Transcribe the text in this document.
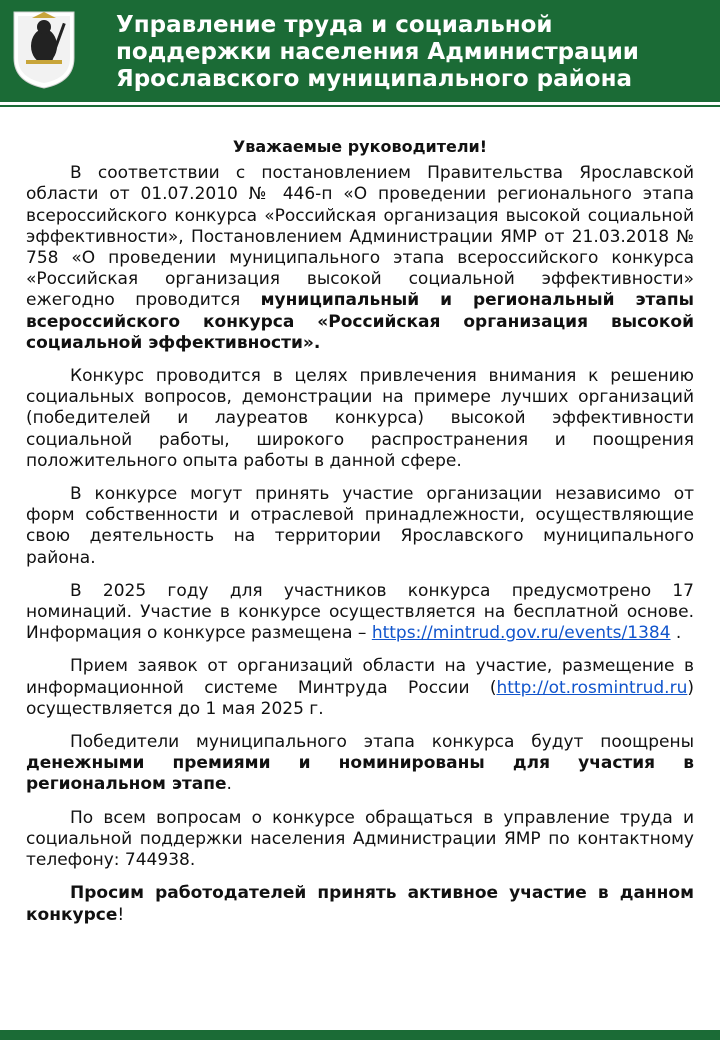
Управление труда и социальной поддержки населения Администрации Ярославского муниципального района

Уважаемые руководители!

В соответствии с постановлением Правительства Ярославской области от 01.07.2010 № 446-п «О проведении регионального этапа всероссийского конкурса «Российская организация высокой социальной эффективности», Постановлением Администрации ЯМР от 21.03.2018 № 758 «О проведении муниципального этапа всероссийского конкурса «Российская организация высокой социальной эффективности» ежегодно проводится муниципальный и региональный этапы всероссийского конкурса «Российская организация высокой социальной эффективности».

Конкурс проводится в целях привлечения внимания к решению социальных вопросов, демонстрации на примере лучших организаций (победителей и лауреатов конкурса) высокой эффективности социальной работы, широкого распространения и поощрения положительного опыта работы в данной сфере.

В конкурсе могут принять участие организации независимо от форм собственности и отраслевой принадлежности, осуществляющие свою деятельность на территории Ярославского муниципального района.

В 2025 году для участников конкурса предусмотрено 17 номинаций. Участие в конкурсе осуществляется на бесплатной основе. Информация о конкурсе размещена – https://mintrud.gov.ru/events/1384 .

Прием заявок от организаций области на участие, размещение в информационной системе Минтруда России (http://ot.rosmintrud.ru) осуществляется до 1 мая 2025 г.

Победители муниципального этапа конкурса будут поощрены денежными премиями и номинированы для участия в региональном этапе.

По всем вопросам о конкурсе обращаться в управление труда и социальной поддержки населения Администрации ЯМР по контактному телефону: 744938.

Просим работодателей принять активное участие в данном конкурсе!
